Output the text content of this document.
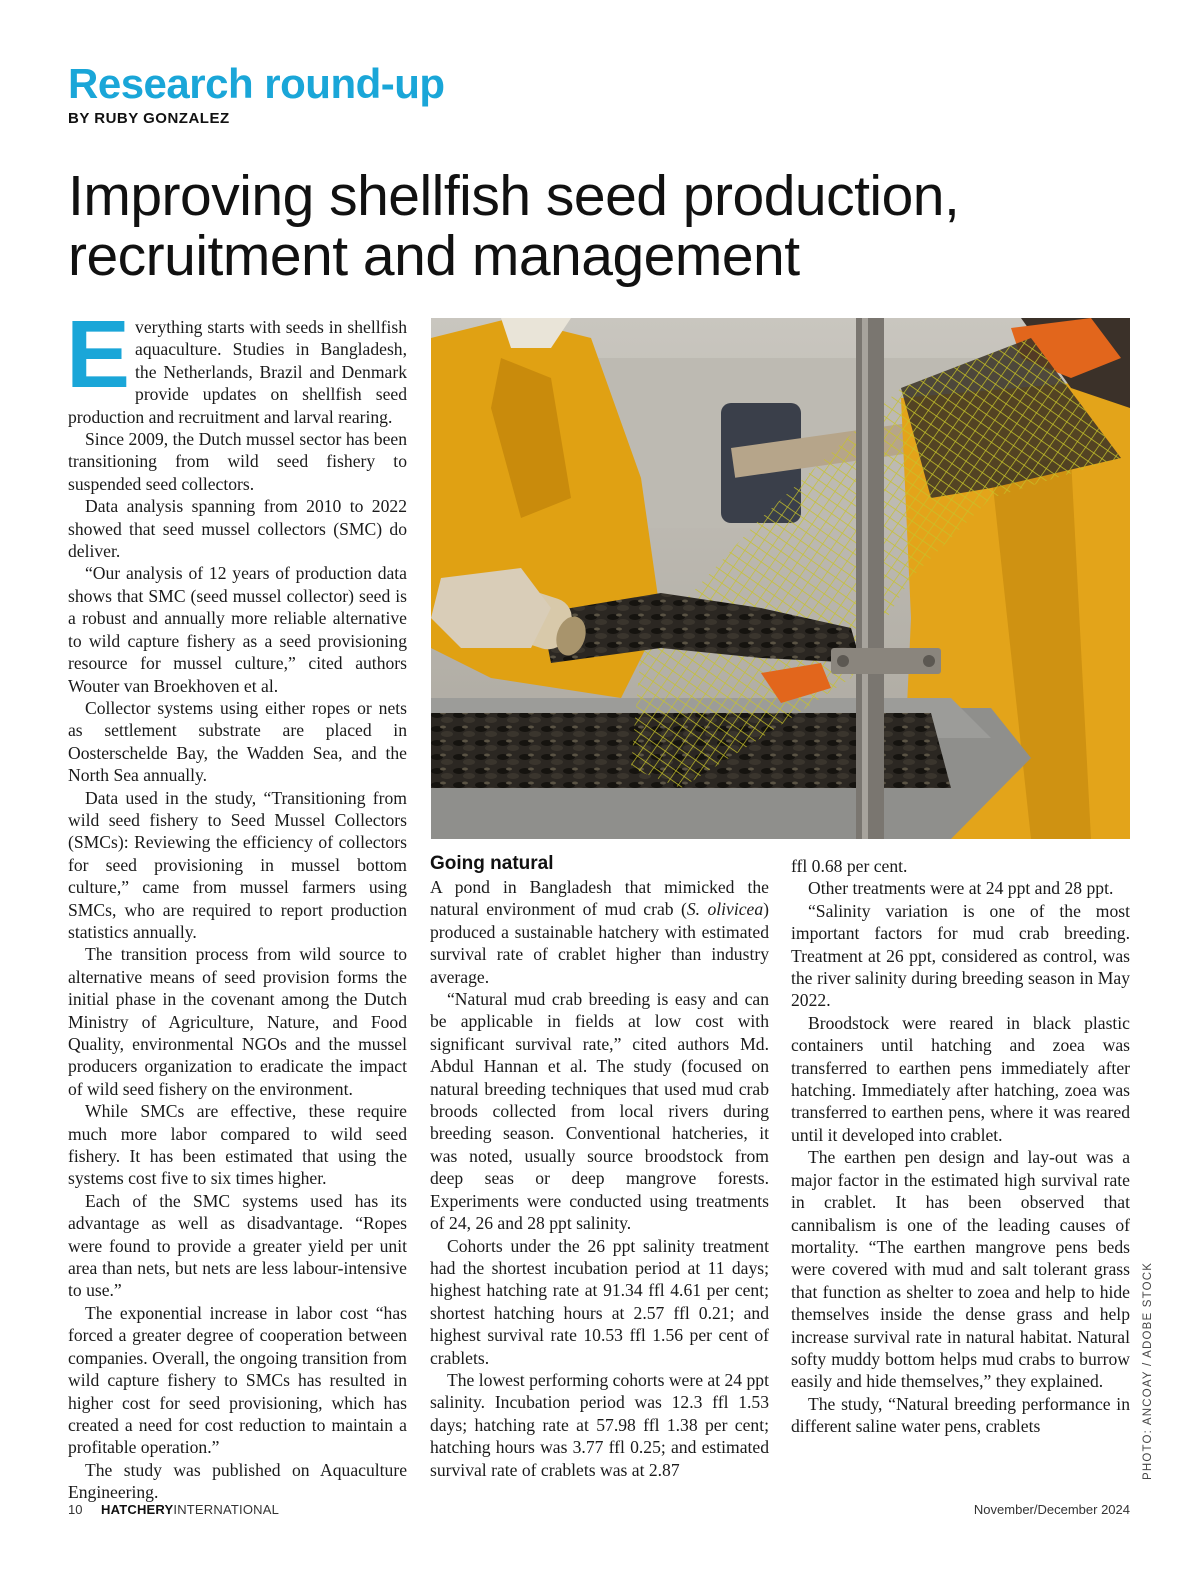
Research round-up
BY RUBY GONZALEZ
Improving shellfish seed production, recruitment and management

Everything starts with seeds in shellfish aquaculture. Studies in Bangladesh, the Netherlands, Brazil and Denmark provide updates on shellfish seed production and recruitment and larval rearing.

Since 2009, the Dutch mussel sector has been transitioning from wild seed fishery to suspended seed collectors.

Data analysis spanning from 2010 to 2022 showed that seed mussel collectors (SMC) do deliver.

“Our analysis of 12 years of production data shows that SMC (seed mussel collector) seed is a robust and annually more reliable alternative to wild capture fishery as a seed provisioning resource for mussel culture,” cited authors Wouter van Broekhoven et al.

Collector systems using either ropes or nets as settlement substrate are placed in Oosterschelde Bay, the Wadden Sea, and the North Sea annually.

Data used in the study, “Transitioning from wild seed fishery to Seed Mussel Collectors (SMCs): Reviewing the efficiency of collectors for seed provisioning in mussel bottom culture,” came from mussel farmers using SMCs, who are required to report production statistics annually.

The transition process from wild source to alternative means of seed provision forms the initial phase in the covenant among the Dutch Ministry of Agriculture, Nature, and Food Quality, environmental NGOs and the mussel producers organization to eradicate the impact of wild seed fishery on the environment.

While SMCs are effective, these require much more labor compared to wild seed fishery. It has been estimated that using the systems cost five to six times higher.

Each of the SMC systems used has its advantage as well as disadvantage. “Ropes were found to provide a greater yield per unit area than nets, but nets are less labour-intensive to use.”

The exponential increase in labor cost “has forced a greater degree of cooperation between companies. Overall, the ongoing transition from wild capture fishery to SMCs has resulted in higher cost for seed provisioning, which has created a need for cost reduction to maintain a profitable operation.”

The study was published on Aquaculture Engineering.

Going natural

A pond in Bangladesh that mimicked the natural environment of mud crab (S. olivicea) produced a sustainable hatchery with estimated survival rate of crablet higher than industry average.

“Natural mud crab breeding is easy and can be applicable in fields at low cost with significant survival rate,” cited authors Md. Abdul Hannan et al. The study (focused on natural breeding techniques that used mud crab broods collected from local rivers during breeding season. Conventional hatcheries, it was noted, usually source broodstock from deep seas or deep mangrove forests. Experiments were conducted using treatments of 24, 26 and 28 ppt salinity.

Cohorts under the 26 ppt salinity treatment had the shortest incubation period at 11 days; highest hatching rate at 91.34 ffl 4.61 per cent; shortest hatching hours at 2.57 ffl 0.21; and highest survival rate 10.53 ffl 1.56 per cent of crablets.

The lowest performing cohorts were at 24 ppt salinity. Incubation period was 12.3 ffl 1.53 days; hatching rate at 57.98 ffl 1.38 per cent; hatching hours was 3.77 ffl 0.25; and estimated survival rate of crablets was at 2.87

ffl 0.68 per cent.

Other treatments were at 24 ppt and 28 ppt.

“Salinity variation is one of the most important factors for mud crab breeding. Treatment at 26 ppt, considered as control, was the river salinity during breeding season in May 2022.

Broodstock were reared in black plastic containers until hatching and zoea was transferred to earthen pens immediately after hatching. Immediately after hatching, zoea was transferred to earthen pens, where it was reared until it developed into crablet.

The earthen pen design and lay-out was a major factor in the estimated high survival rate in crablet. It has been observed that cannibalism is one of the leading causes of mortality. “The earthen mangrove pens beds were covered with mud and salt tolerant grass that function as shelter to zoea and help to hide themselves inside the dense grass and help increase survival rate in natural habitat. Natural softy muddy bottom helps mud crabs to burrow easily and hide themselves,” they explained.

The study, “Natural breeding performance in different saline water pens, crablets	PHOTO: ANCOAY / ADOBE STOCK
10 HATCHERYINTERNATIONAL	November/December 2024
